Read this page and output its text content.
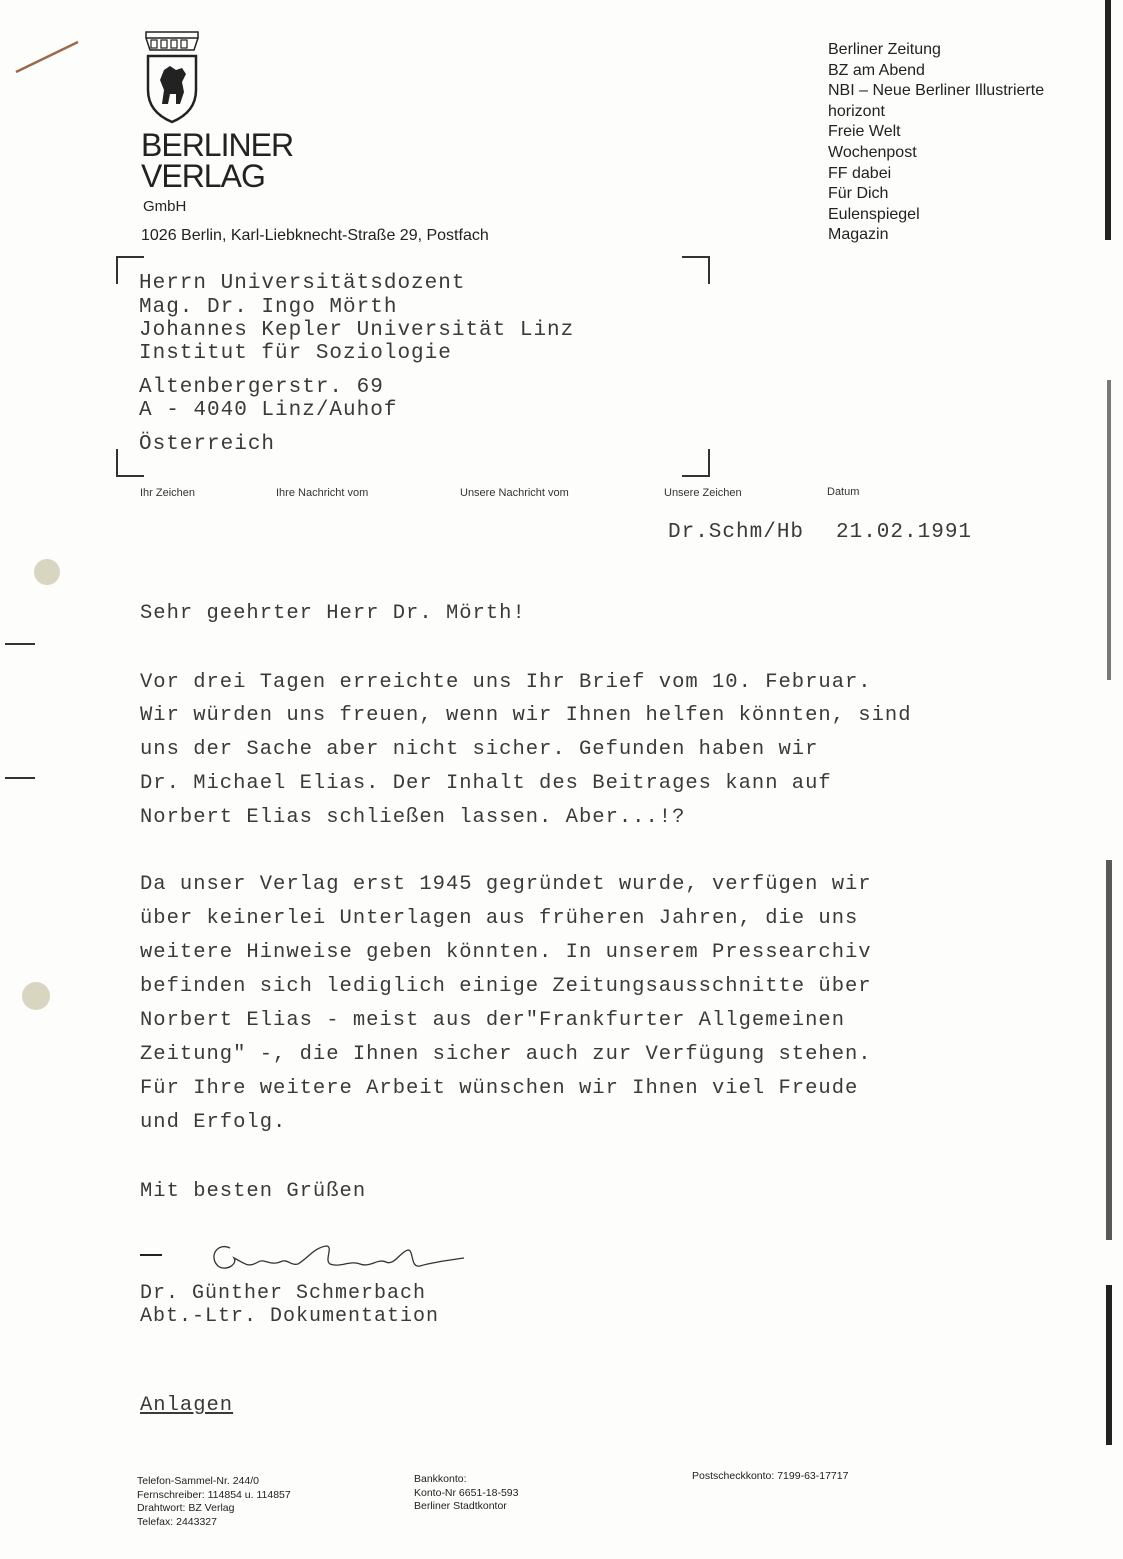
BERLINER
VERLAG
GmbH
1026 Berlin, Karl-Liebknecht-Straße 29, Postfach
Berliner Zeitung
BZ am Abend
NBI – Neue Berliner Illustrierte
horizont
Freie Welt
Wochenpost
FF dabei
Für Dich
Eulenspiegel
Magazin
Herrn Universitätsdozent
Mag. Dr. Ingo Mörth
Johannes Kepler Universität Linz
Institut für Soziologie
Altenbergerstr. 69
A - 4040 Linz/Auhof
Österreich
Ihr Zeichen	Ihre Nachricht vom	Unsere Nachricht vom	Unsere Zeichen	Datum
Dr.Schm/Hb 21.02.1991
Sehr geehrter Herr Dr. Mörth!
Vor drei Tagen erreichte uns Ihr Brief vom 10. Februar.
Wir würden uns freuen, wenn wir Ihnen helfen könnten, sind
uns der Sache aber nicht sicher. Gefunden haben wir
Dr. Michael Elias. Der Inhalt des Beitrages kann auf
Norbert Elias schließen lassen. Aber...!?
Da unser Verlag erst 1945 gegründet wurde, verfügen wir
über keinerlei Unterlagen aus früheren Jahren, die uns
weitere Hinweise geben könnten. In unserem Pressearchiv
befinden sich lediglich einige Zeitungsausschnitte über
Norbert Elias - meist aus der"Frankfurter Allgemeinen
Zeitung" -, die Ihnen sicher auch zur Verfügung stehen.
Für Ihre weitere Arbeit wünschen wir Ihnen viel Freude
und Erfolg.
Mit besten Grüßen
Dr. Günther Schmerbach
Abt.-Ltr. Dokumentation
Anlagen
Telefon-Sammel-Nr. 244/0
Fernschreiber: 114854 u. 114857
Drahtwort: BZ Verlag
Telefax: 2443327
Bankkonto:
Konto-Nr 6651-18-593
Berliner Stadtkontor
Postscheckkonto: 7199-63-17717
